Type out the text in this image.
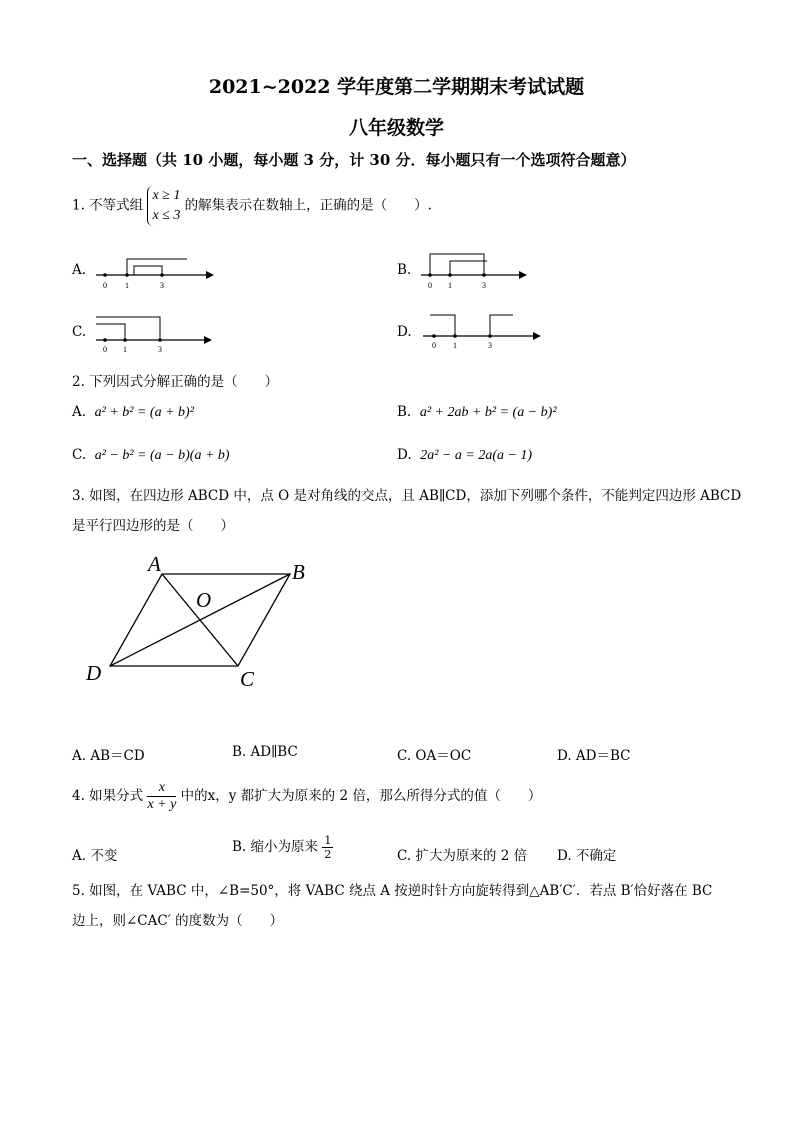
2021~2022 学年度第二学期期末考试试题
八年级数学
一、选择题（共 10 小题，每小题 3 分，计 30 分．每小题只有一个选项符合题意）
1. 不等式组
x ≥ 1
x ≤ 3
的解集表示在数轴上，正确的是（　　）.
A.
0 1	3
B.
0 1	3
C.
0 1	3
D.
0 1	3
2. 下列因式分解正确的是（　　）
A. a² + b² = (a + b)²	B. a² + 2ab + b² = (a − b)²
C. a² − b² = (a − b)(a + b)	D. 2a² − a = 2a(a − 1)
3. 如图，在四边形 ABCD 中，点 O 是对角线的交点，且 AB∥CD，添加下列哪个条件，不能判定四边形 ABCD
是平行四边形的是（　　）
A	B
C
D
O
A. AB＝CD	B. AD∥BC	C. OA＝OC	D. AD＝BC
4. 如果分式 $\frac{x}{x + y}$ 中的x，y 都扩大为原来的 2 倍，那么所得分式的值（　　）
A. 不变
B. 缩小为原来 $\frac{1}{2}$	C. 扩大为原来的 2 倍 D. 不确定
5. 如图，在 VABC 中，∠B=50°，将 VABC 绕点 A 按逆时针方向旋转得到△AB′C′．若点 B′恰好落在 BC
边上，则∠CAC′ 的度数为（　　）
